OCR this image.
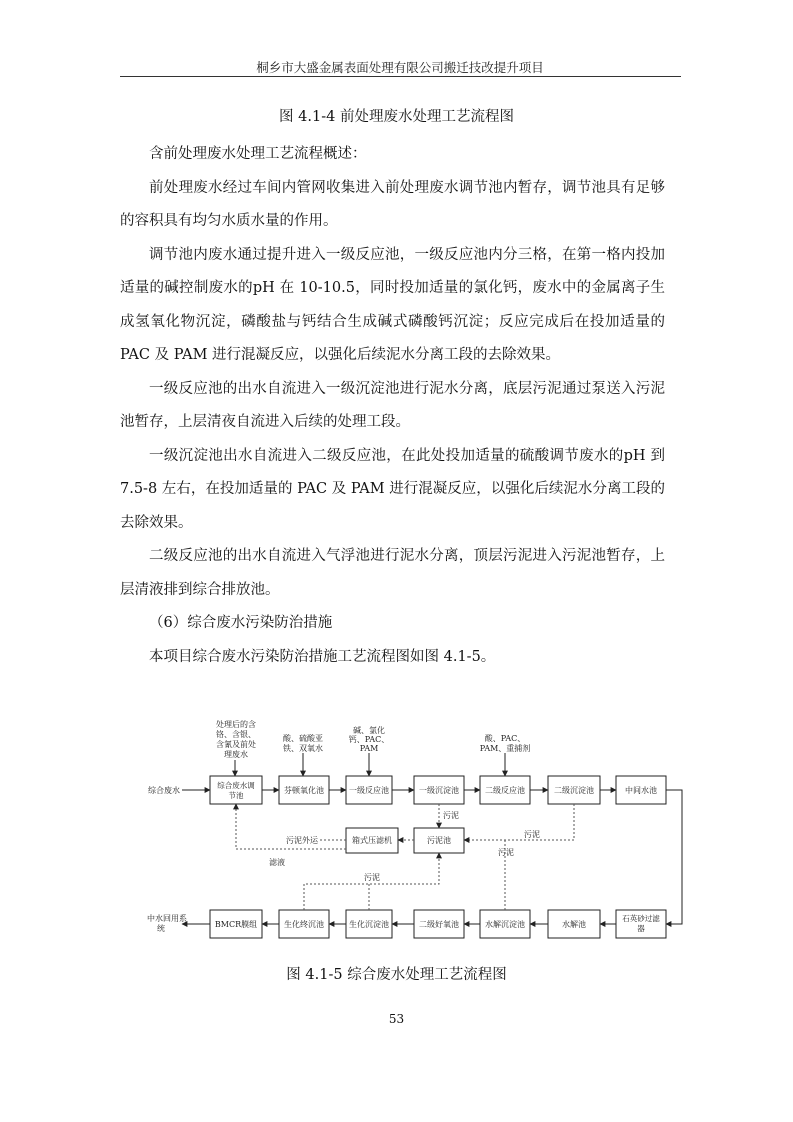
桐乡市大盛金属表面处理有限公司搬迁技改提升项目
图 4.1-4 前处理废水处理工艺流程图

含前处理废水处理工艺流程概述：

前处理废水经过车间内管网收集进入前处理废水调节池内暂存，调节池具有足够的容积具有均匀水质水量的作用。

调节池内废水通过提升进入一级反应池，一级反应池内分三格，在第一格内投加适量的碱控制废水的pH 在 10-10.5，同时投加适量的氯化钙，废水中的金属离子生成氢氧化物沉淀，磷酸盐与钙结合生成碱式磷酸钙沉淀；反应完成后在投加适量的 PAC 及 PAM 进行混凝反应，以强化后续泥水分离工段的去除效果。

一级反应池的出水自流进入一级沉淀池进行泥水分离，底层污泥通过泵送入污泥池暂存，上层清夜自流进入后续的处理工段。

一级沉淀池出水自流进入二级反应池，在此处投加适量的硫酸调节废水的pH 到 7.5-8 左右，在投加适量的 PAC 及 PAM 进行混凝反应，以强化后续泥水分离工段的去除效果。

二级反应池的出水自流进入气浮池进行泥水分离，顶层污泥进入污泥池暂存，上层清液排到综合排放池。

（6）综合废水污染防治措施

本项目综合废水污染防治措施工艺流程图如图 4.1-5。

综合废水
处理后的含铬、含银、含氰及前处理废水
酸、硫酸亚铁、双氧水
碱、氯化钙、PAC、 PAM
酸、PAC、 PAM、重捕剂
综合废水调节池
芬顿氧化池	一级反应池	一级沉淀池	二级反应池	二级沉淀池	中间水池
箱式压滤机	污泥池
石英砂过滤器
水解池
水解沉淀池
二级好氧池
生化沉淀池
生化终沉池
BMCR膜组
中水回用系统
污泥
污泥
污泥
污泥
污泥外运
滤液
图 4.1-5 综合废水处理工艺流程图
53
